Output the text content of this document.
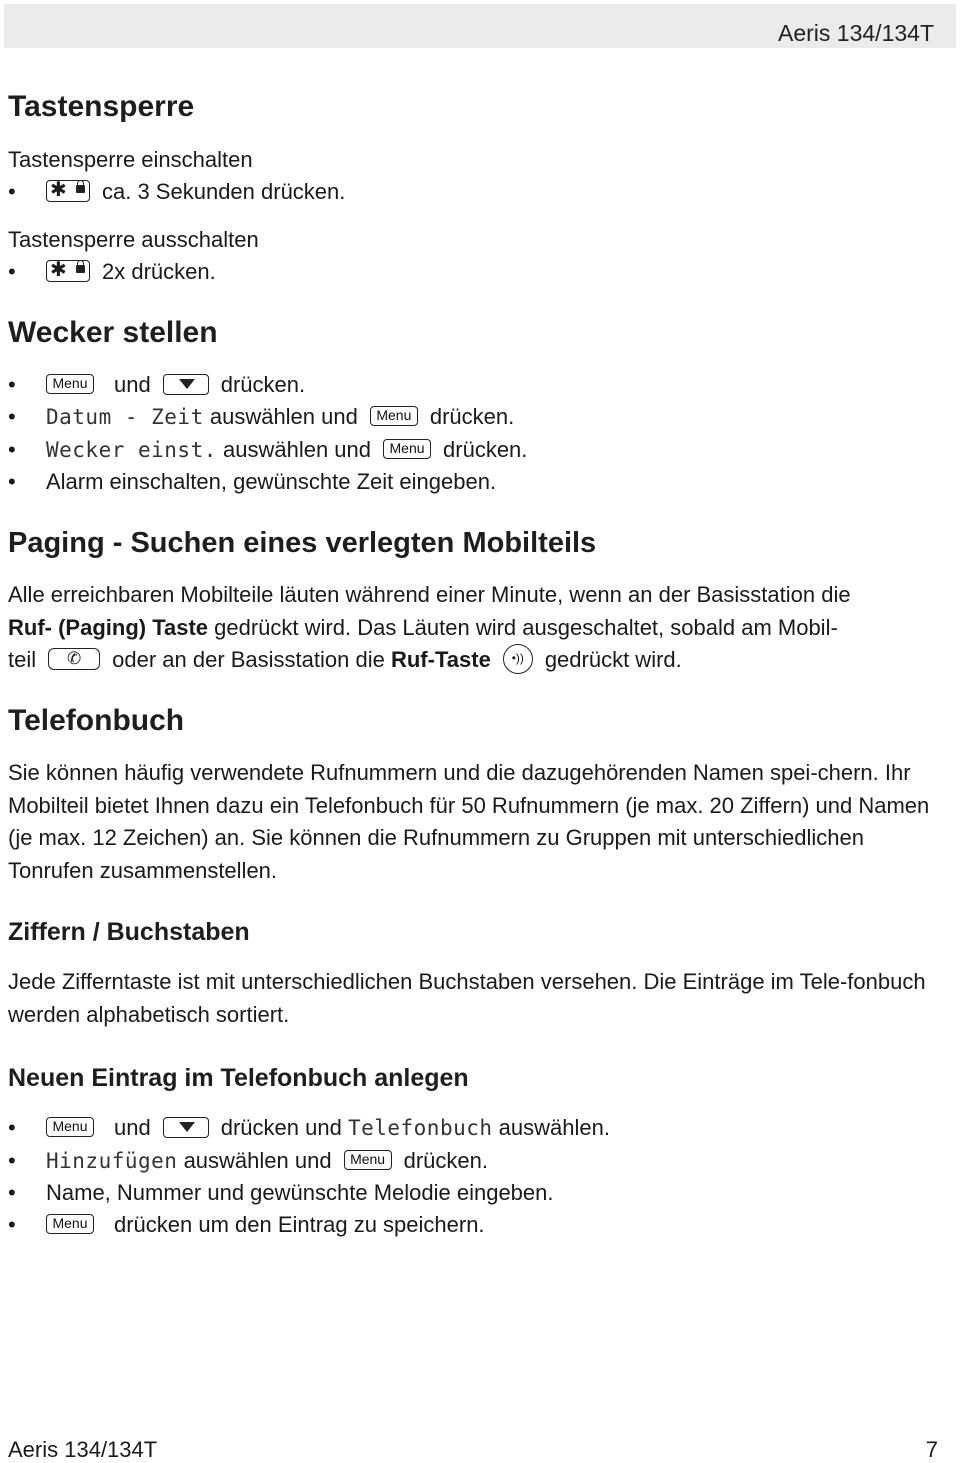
Aeris 134/134T
Tastensperre
Tastensperre einschalten
• ✱ ca. 3 Sekunden drücken.
Tastensperre ausschalten
• ✱ 2x drücken.
Wecker stellen
•	Menu und	drücken.
• Datum - Zeit auswählen und Menu drücken.
• Wecker einst. auswählen und Menu drücken.
• Alarm einschalten, gewünschte Zeit eingeben.
Paging - Suchen eines verlegten Mobilteils
Alle erreichbaren Mobilteile läuten während einer Minute, wenn an der Basisstation die
Ruf- (Paging) Taste gedrückt wird. Das Läuten wird ausgeschaltet, sobald am Mobil-
teil ✆ oder an der Basisstation die Ruf-Taste •)) gedrückt wird.
Telefonbuch
Sie können häufig verwendete Rufnummern und die dazugehörenden Namen spei-chern. Ihr Mobilteil bietet Ihnen dazu ein Telefonbuch für 50 Rufnummern (je max. 20 Ziffern) und Namen (je max. 12 Zeichen) an. Sie können die Rufnummern zu Gruppen mit unterschiedlichen Tonrufen zusammenstellen.
Ziffern / Buchstaben
Jede Zifferntaste ist mit unterschiedlichen Buchstaben versehen. Die Einträge im Tele-fonbuch werden alphabetisch sortiert.
Neuen Eintrag im Telefonbuch anlegen
•	Menu und	drücken und Telefonbuch auswählen.
• Hinzufügen auswählen und Menu drücken.
• Name, Nummer und gewünschte Melodie eingeben.
•	Menu drücken um den Eintrag zu speichern.
Aeris 134/134T	7
